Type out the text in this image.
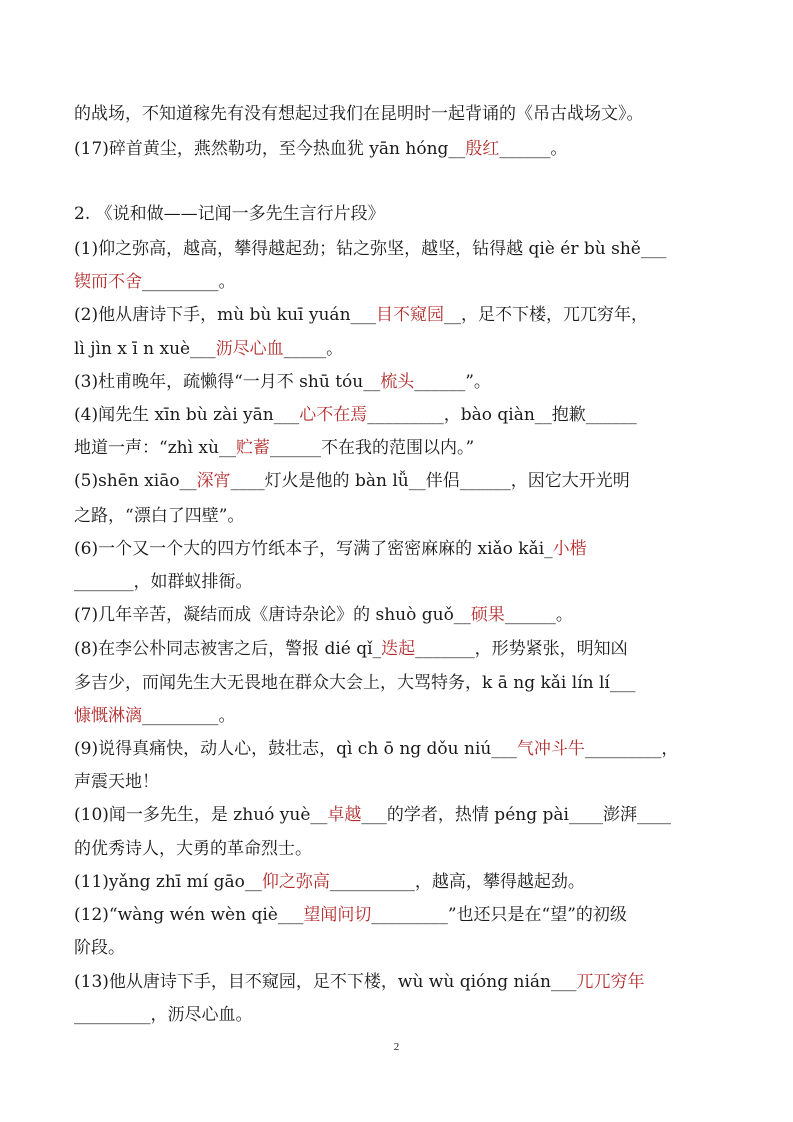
的战场，不知道稼先有没有想起过我们在昆明时一起背诵的《吊古战场文》。
(17)碎首黄尘，燕然勒功，至今热血犹 yān hóng__殷红______。
2. 《说和做——记闻一多先生言行片段》
(1)仰之弥高，越高，攀得越起劲；钻之弥坚，越坚，钻得越 qiè ér bù shě___
锲而不舍_________。
(2)他从唐诗下手，mù bù kuī yuán___目不窥园__，足不下楼，兀兀穷年，
lì jìn x ī n xuè___沥尽心血_____。
(3)杜甫晚年，疏懒得“一月不 shū tóu__梳头______”。
(4)闻先生 xīn bù zài yān___心不在焉_________，bào qiàn__抱歉______
地道一声：“zhì xù__贮蓄______不在我的范围以内。”
(5)shēn xiāo__深宵____灯火是他的 bàn lǚ__伴侣______，因它大开光明
之路，“漂白了四壁”。
(6)一个又一个大的四方竹纸本子，写满了密密麻麻的 xiǎo kǎi_小楷
_______，如群蚁排衙。
(7)几年辛苦，凝结而成《唐诗杂论》的 shuò guǒ__硕果______。
(8)在李公朴同志被害之后，警报 dié qǐ_迭起_______，形势紧张，明知凶
多吉少，而闻先生大无畏地在群众大会上，大骂特务，k ā ng kǎi lín lí___
慷慨淋漓_________。
(9)说得真痛快，动人心，鼓壮志，qì ch ō ng dǒu niú___气冲斗牛_________，
声震天地！
(10)闻一多先生，是 zhuó yuè__卓越___的学者，热情 péng pài____澎湃____
的优秀诗人，大勇的革命烈士。
(11)yǎng zhī mí gāo__仰之弥高__________，越高，攀得越起劲。
(12)“wàng wén wèn qiè___望闻问切_________”也还只是在“望”的初级
阶段。
(13)他从唐诗下手，目不窥园，足不下楼，wù wù qióng nián___兀兀穷年
_________，沥尽心血。
2
